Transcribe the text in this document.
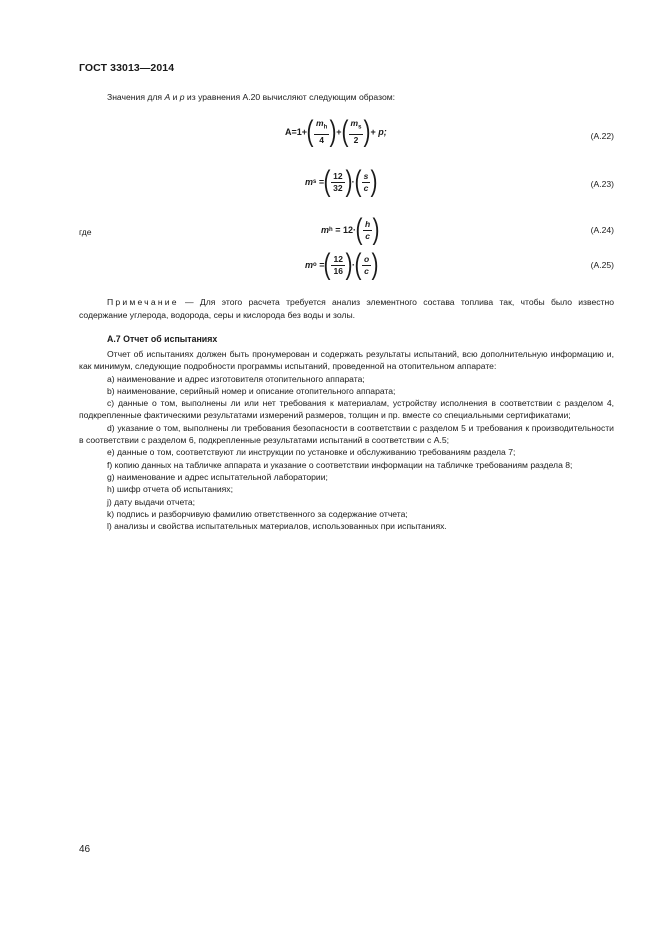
ГОСТ 33013—2014
Значения для A и p из уравнения А.20 вычисляют следующим образом:
A =1+ ( $\frac{m_h}{4}$ ) + ( $\frac{m_s}{2}$ ) +
p;	(А.22)
m s
= ( $\frac{12}{32}$ ) · ( $\frac{s}{c}$ )	(А.23)
где	m h
= 12· ( $\frac{h}{c}$ )	(А.24)
m o
= ( $\frac{12}{16}$ ) · ( $\frac{o}{c}$ )	(А.25)
Примечание — Для этого расчета требуется анализ элементного состава топлива так, чтобы было известно содержание углерода, водорода, серы и кислорода без воды и золы.
А.7 Отчет об испытаниях

Отчет об испытаниях должен быть пронумерован и содержать результаты испытаний, всю дополнительную информацию и, как минимум, следующие подробности программы испытаний, проведенной на отопительном аппарате:

a) наименование и адрес изготовителя отопительного аппарата;

b) наименование, серийный номер и описание отопительного аппарата;

c) данные о том, выполнены ли или нет требования к материалам, устройству исполнения в соответствии с разделом 4, подкрепленные фактическими результатами измерений размеров, толщин и пр. вместе со специальными сертификатами;

d) указание о том, выполнены ли требования безопасности в соответствии с разделом 5 и требования к производительности в соответствии с разделом 6, подкрепленные результатами испытаний в соответствии с А.5;

e) данные о том, соответствуют ли инструкции по установке и обслуживанию требованиям раздела 7;

f) копию данных на табличке аппарата и указание о соответствии информации на табличке требованиям раздела 8;

g) наименование и адрес испытательной лаборатории;

h) шифр отчета об испытаниях;

j) дату выдачи отчета;

k) подпись и разборчивую фамилию ответственного за содержание отчета;

l) анализы и свойства испытательных материалов, использованных при испытаниях.

46
